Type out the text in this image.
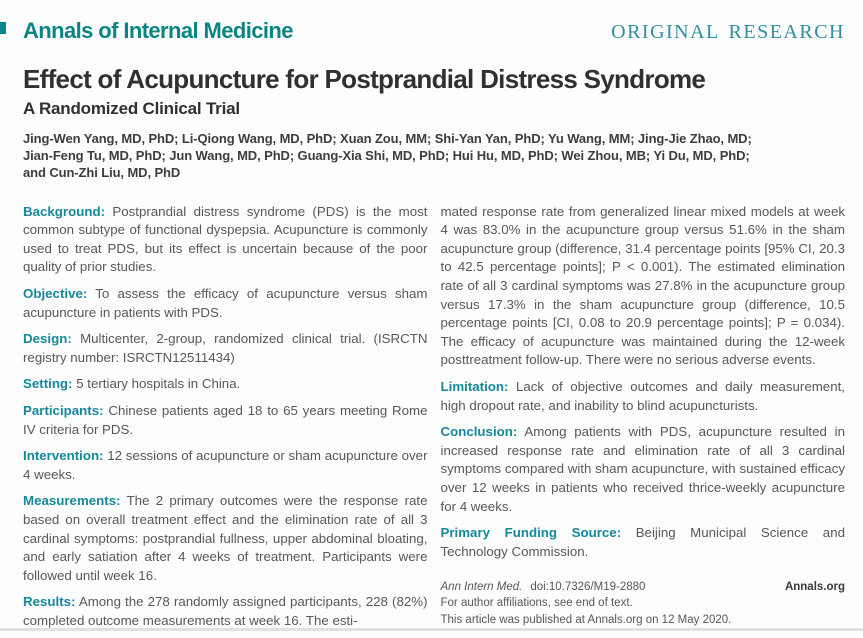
Annals of Internal Medicine	original research
Effect of Acupuncture for Postprandial Distress Syndrome
A Randomized Clinical Trial
Jing-Wen Yang, MD, PhD; Li-Qiong Wang, MD, PhD; Xuan Zou, MM; Shi-Yan Yan, PhD; Yu Wang, MM; Jing-Jie Zhao, MD;
Jian-Feng Tu, MD, PhD; Jun Wang, MD, PhD; Guang-Xia Shi, MD, PhD; Hui Hu, MD, PhD; Wei Zhou, MB; Yi Du, MD, PhD;
and Cun-Zhi Liu, MD, PhD

Background: Postprandial distress syndrome (PDS) is the most common subtype of functional dyspepsia. Acupuncture is commonly used to treat PDS, but its effect is uncertain because of the poor quality of prior studies.

Objective: To assess the efficacy of acupuncture versus sham acupuncture in patients with PDS.

Design: Multicenter, 2-group, randomized clinical trial. (ISRCTN registry number: ISRCTN12511434)

Setting: 5 tertiary hospitals in China.

Participants: Chinese patients aged 18 to 65 years meeting Rome IV criteria for PDS.

Intervention: 12 sessions of acupuncture or sham acupuncture over 4 weeks.

Measurements: The 2 primary outcomes were the response rate based on overall treatment effect and the elimination rate of all 3 cardinal symptoms: postprandial fullness, upper abdominal bloating, and early satiation after 4 weeks of treatment. Participants were followed until week 16.

Results: Among the 278 randomly assigned participants, 228 (82%) completed outcome measurements at week 16. The esti-

mated response rate from generalized linear mixed models at week 4 was 83.0% in the acupuncture group versus 51.6% in the sham acupuncture group (difference, 31.4 percentage points [95% CI, 20.3 to 42.5 percentage points]; P < 0.001). The estimated elimination rate of all 3 cardinal symptoms was 27.8% in the acupuncture group versus 17.3% in the sham acupuncture group (difference, 10.5 percentage points [CI, 0.08 to 20.9 percentage points]; P = 0.034). The efficacy of acupuncture was maintained during the 12-week posttreatment follow-up. There were no serious adverse events.

Limitation: Lack of objective outcomes and daily measurement, high dropout rate, and inability to blind acupuncturists.

Conclusion: Among patients with PDS, acupuncture resulted in increased response rate and elimination rate of all 3 cardinal symptoms compared with sham acupuncture, with sustained efficacy over 12 weeks in patients who received thrice-weekly acupuncture for 4 weeks.

Primary Funding Source: Beijing Municipal Science and Technology Commission.

Ann Intern Med. doi:10.7326/M19-2880	Annals.org
For author affiliations, see end of text.
This article was published at Annals.org on 12 May 2020.
